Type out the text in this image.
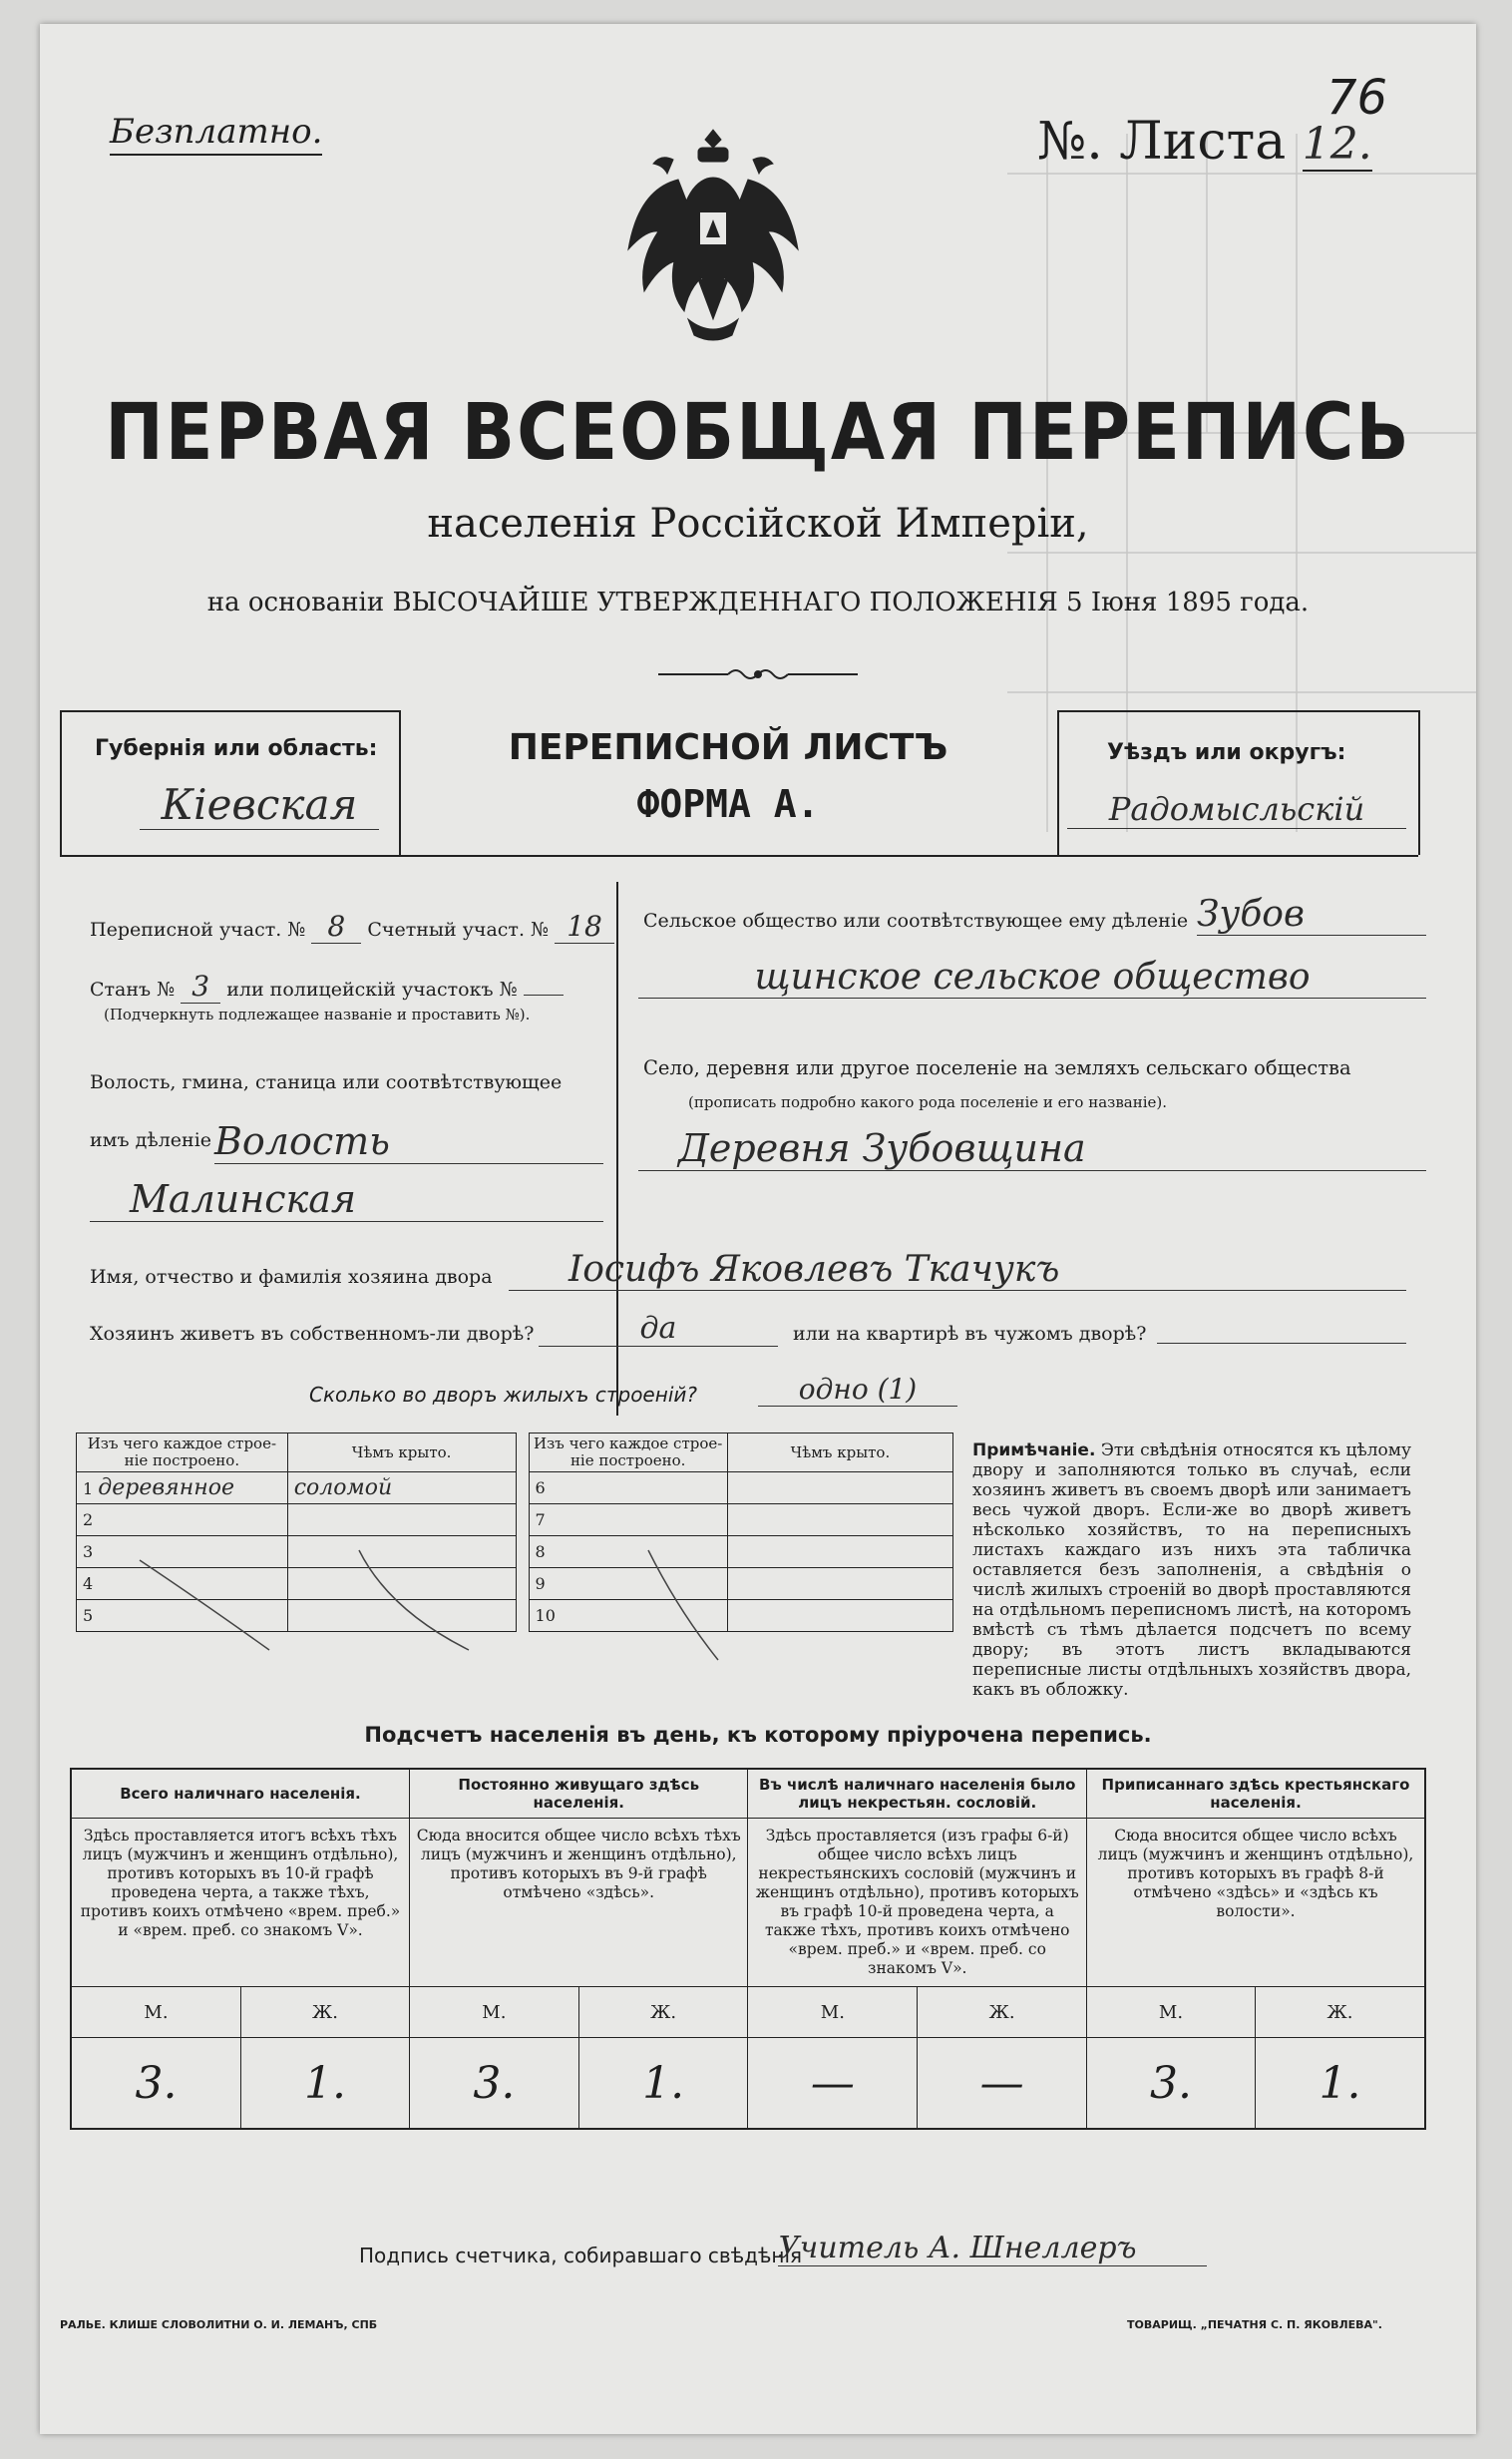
Безплатно.	№. Листа 12.
76
ПЕРВАЯ ВСЕОБЩАЯ ПЕРЕПИСЬ
населенія Россійской Имперіи,
на основаніи ВЫСОЧАЙШЕ УТВЕРЖДЕННАГО ПОЛОЖЕНІЯ 5 Іюня 1895 года.
Губернія или область:
Кіевская
ПЕРЕПИСНОЙ ЛИСТЪ
ФОРМА А.
Уѣздъ или округъ:
Радомысльскій
Переписной участ. № 8 Счетный участ. № 18
Станъ № 3 или полицейскій участокъ №
(Подчеркнуть подлежащее названіе и проставить №).
Волость, гмина, станица или соотвѣтствующее
имъ дѣленіе Волость
Малинская
Сельское общество или соотвѣтствующее ему дѣленіе Зубов
щинское сельское общество
Село, деревня или другое поселеніе на земляхъ сельскаго общества
(прописать подробно какого рода поселеніе и его названіе).
Деревня Зубовщина
Имя, отчество и фамилія хозяина двора	Іосифъ Яковлевъ Ткачукъ
Хозяинъ живетъ въ собственномъ-ли дворѣ?	да	или на квартирѣ въ чужомъ дворѣ?
Сколько во дворъ жилыхъ строеній?	одно (1)
Изъ чего каждое строе-ніе построено.	Чѣмъ крыто.		Изъ чего каждое строе-ніе построено.	Чѣмъ крыто.
1 деревянное	соломой		6	
2			7	
3			8	
4			9	
5			10	
Примѣчаніе. Эти свѣдѣнія относятся къ цѣлому двору и заполняются только въ случаѣ, если хозяинъ живетъ въ своемъ дворѣ или занимаетъ весь чужой дворъ. Если-же во дворѣ живетъ нѣсколько хозяйствъ, то на переписныхъ листахъ каждаго изъ нихъ эта табличка оставляется безъ заполненія, а свѣдѣнія о числѣ жилыхъ строеній во дворѣ проставляются на отдѣльномъ переписномъ листѣ, на которомъ вмѣстѣ съ тѣмъ дѣлается подсчетъ по всему двору; въ этотъ листъ вкладываются переписные листы отдѣльныхъ хозяйствъ двора, какъ въ обложку.
Подсчетъ населенія въ день, къ которому пріурочена перепись.
Всего наличнаго населенія.		Постоянно живущаго здѣсь населенія.		Въ числѣ наличнаго населенія было лицъ некрестьян. сословій.		Приписаннаго здѣсь крестьянскаго населенія.	
Здѣсь проставляется итогъ всѣхъ тѣхъ лицъ (мужчинъ и женщинъ отдѣльно), противъ которыхъ въ 10-й графѣ проведена черта, а также тѣхъ, противъ коихъ отмѣчено «врем. преб.» и «врем. преб. со знакомъ V».		Сюда вносится общее число всѣхъ тѣхъ лицъ (мужчинъ и женщинъ отдѣльно), противъ которыхъ въ 9-й графѣ отмѣчено «здѣсь».		Здѣсь проставляется (изъ графы 6-й) общее число всѣхъ лицъ некрестьянскихъ сословій (мужчинъ и женщинъ отдѣльно), противъ которыхъ въ графѣ 10-й проведена черта, а также тѣхъ, противъ коихъ отмѣчено «врем. преб.» и «врем. преб. со знакомъ V».		Сюда вносится общее число всѣхъ лицъ (мужчинъ и женщинъ отдѣльно), противъ которыхъ въ графѣ 8-й отмѣчено «здѣсь» и «здѣсь къ волости».	
М.	Ж.	М.	Ж.	М.	Ж.	М.	Ж.
3.	1.	3.	1.	—	—	3.	1.
Подпись счетчика, собиравшаго свѣдѣнія
Учитель А. Шнеллеръ
РАЛЬЕ. КЛИШЕ СЛОВОЛИТНИ О. И. ЛЕМАНЪ, СПБ	ТОВАРИЩ. „ПЕЧАТНЯ С. П. ЯКОВЛЕВА".
